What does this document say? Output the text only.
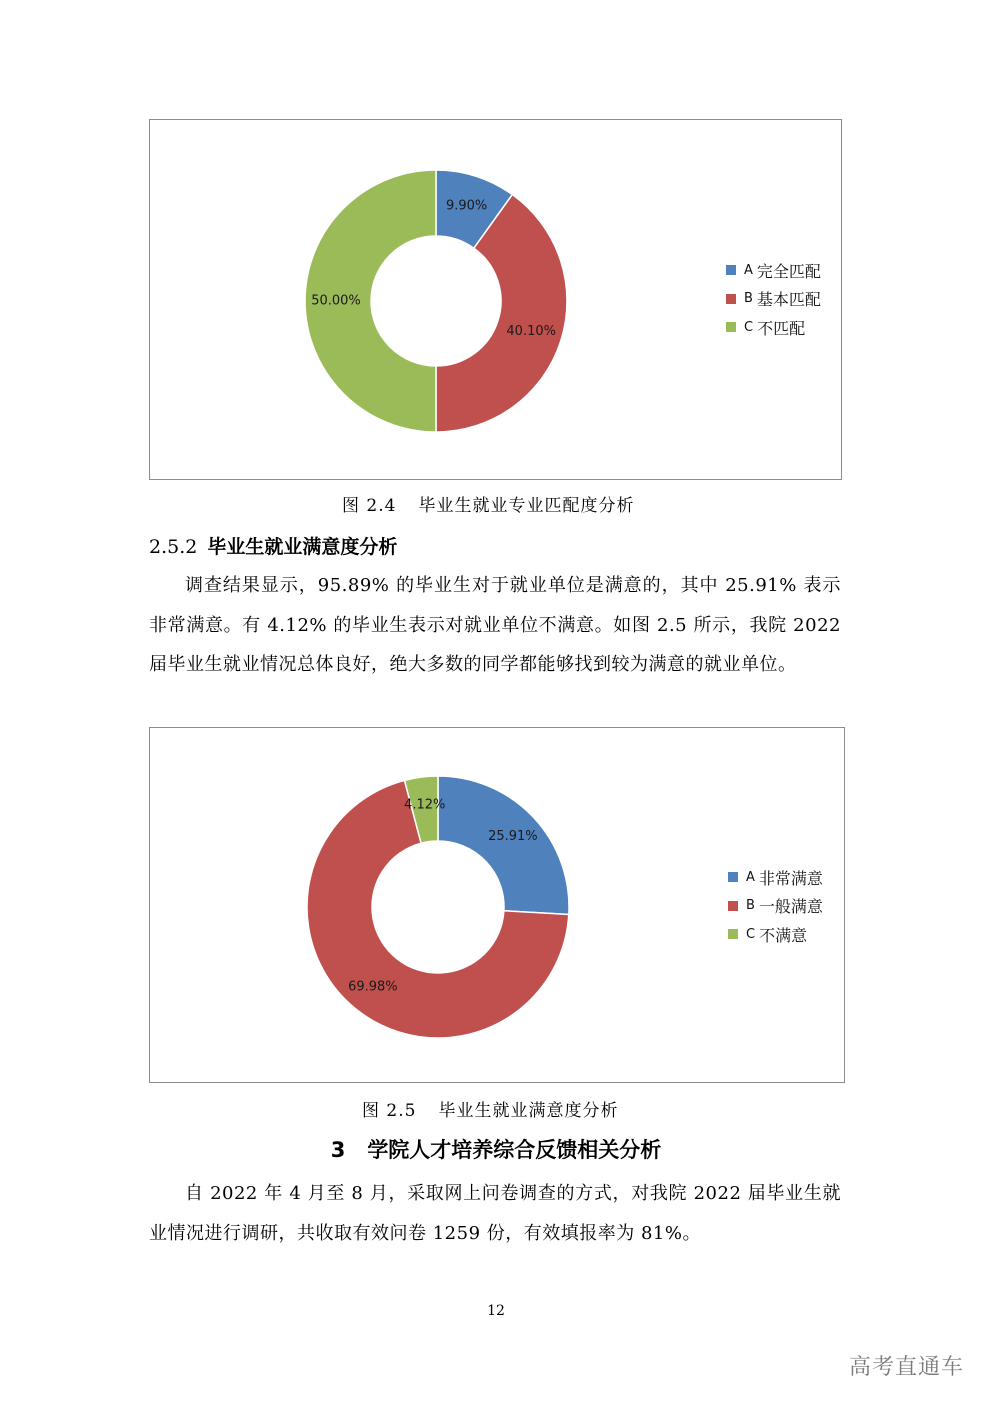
9.90%
40.10%
50.00%
A 完全匹配
B 基本匹配
C 不匹配
图 2.4 毕业生就业专业匹配度分析
2.5.2 毕业生就业满意度分析
调查结果显示，95.89% 的毕业生对于就业单位是满意的，其中 25.91% 表示非常满意。有 4.12% 的毕业生表示对就业单位不满意。如图 2.5 所示，我院 2022 届毕业生就业情况总体良好，绝大多数的同学都能够找到较为满意的就业单位。
25.91%
69.98%
4.12%
A 非常满意
B 一般满意
C 不满意
图 2.5 毕业生就业满意度分析
3 学院人才培养综合反馈相关分析
自 2022 年 4 月至 8 月，采取网上问卷调查的方式，对我院 2022 届毕业生就业情况进行调研，共收取有效问卷 1259 份，有效填报率为 81%。
12
高考直通车
